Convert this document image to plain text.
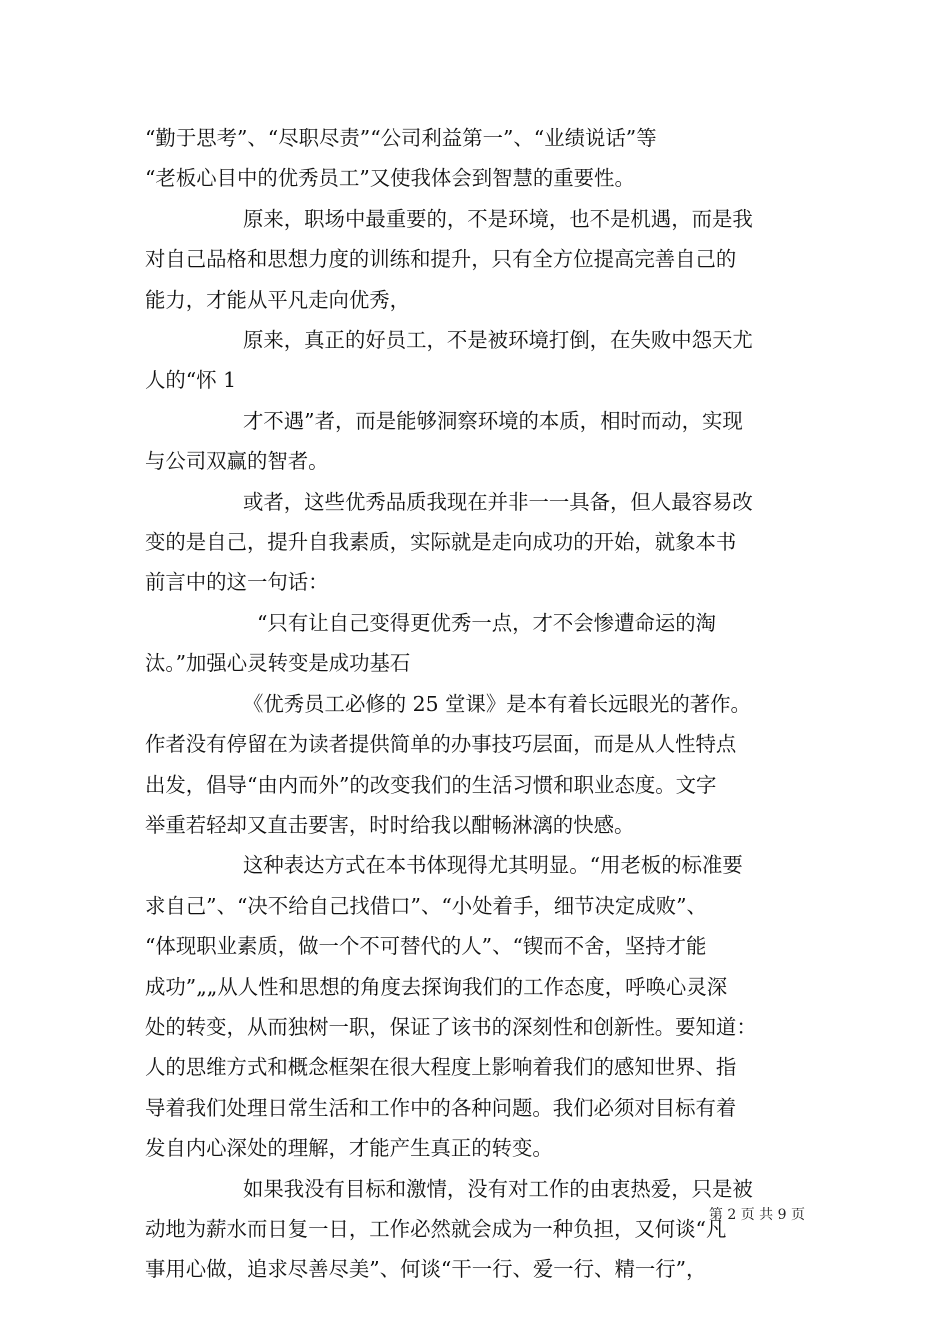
“勤于思考”、“尽职尽责”“公司利益第一”、“业绩说话”等
“老板心目中的优秀员工”又使我体会到智慧的重要性。

原来，职场中最重要的，不是环境，也不是机遇，而是我
对自己品格和思想力度的训练和提升，只有全方位提高完善自己的
能力，才能从平凡走向优秀，

原来，真正的好员工，不是被环境打倒，在失败中怨天尤
人的“怀 1

才不遇”者，而是能够洞察环境的本质，相时而动，实现
与公司双赢的智者。

或者，这些优秀品质我现在并非一一具备，但人最容易改
变的是自己，提升自我素质，实际就是走向成功的开始，就象本书
前言中的这一句话：

“只有让自己变得更优秀一点，才不会惨遭命运的淘
汰。”加强心灵转变是成功基石

《优秀员工必修的 25 堂课》是本有着长远眼光的著作。
作者没有停留在为读者提供简单的办事技巧层面，而是从人性特点
出发，倡导“由内而外”的改变我们的生活习惯和职业态度。文字
举重若轻却又直击要害，时时给我以酣畅淋漓的快感。

这种表达方式在本书体现得尤其明显。“用老板的标准要
求自己”、“决不给自己找借口”、“小处着手，细节决定成败”、
“体现职业素质，做一个不可替代的人”、“锲而不舍，坚持才能
成功”„„从人性和思想的角度去探询我们的工作态度，呼唤心灵深
处的转变，从而独树一职，保证了该书的深刻性和创新性。要知道：
人的思维方式和概念框架在很大程度上影响着我们的感知世界、指
导着我们处理日常生活和工作中的各种问题。我们必须对目标有着
发自内心深处的理解，才能产生真正的转变。

如果我没有目标和激情，没有对工作的由衷热爱，只是被
动地为薪水而日复一日，工作必然就会成为一种负担，又何谈“凡
事用心做，追求尽善尽美”、何谈“干一行、爱一行、精一行”，

第 2 页 共 9 页
